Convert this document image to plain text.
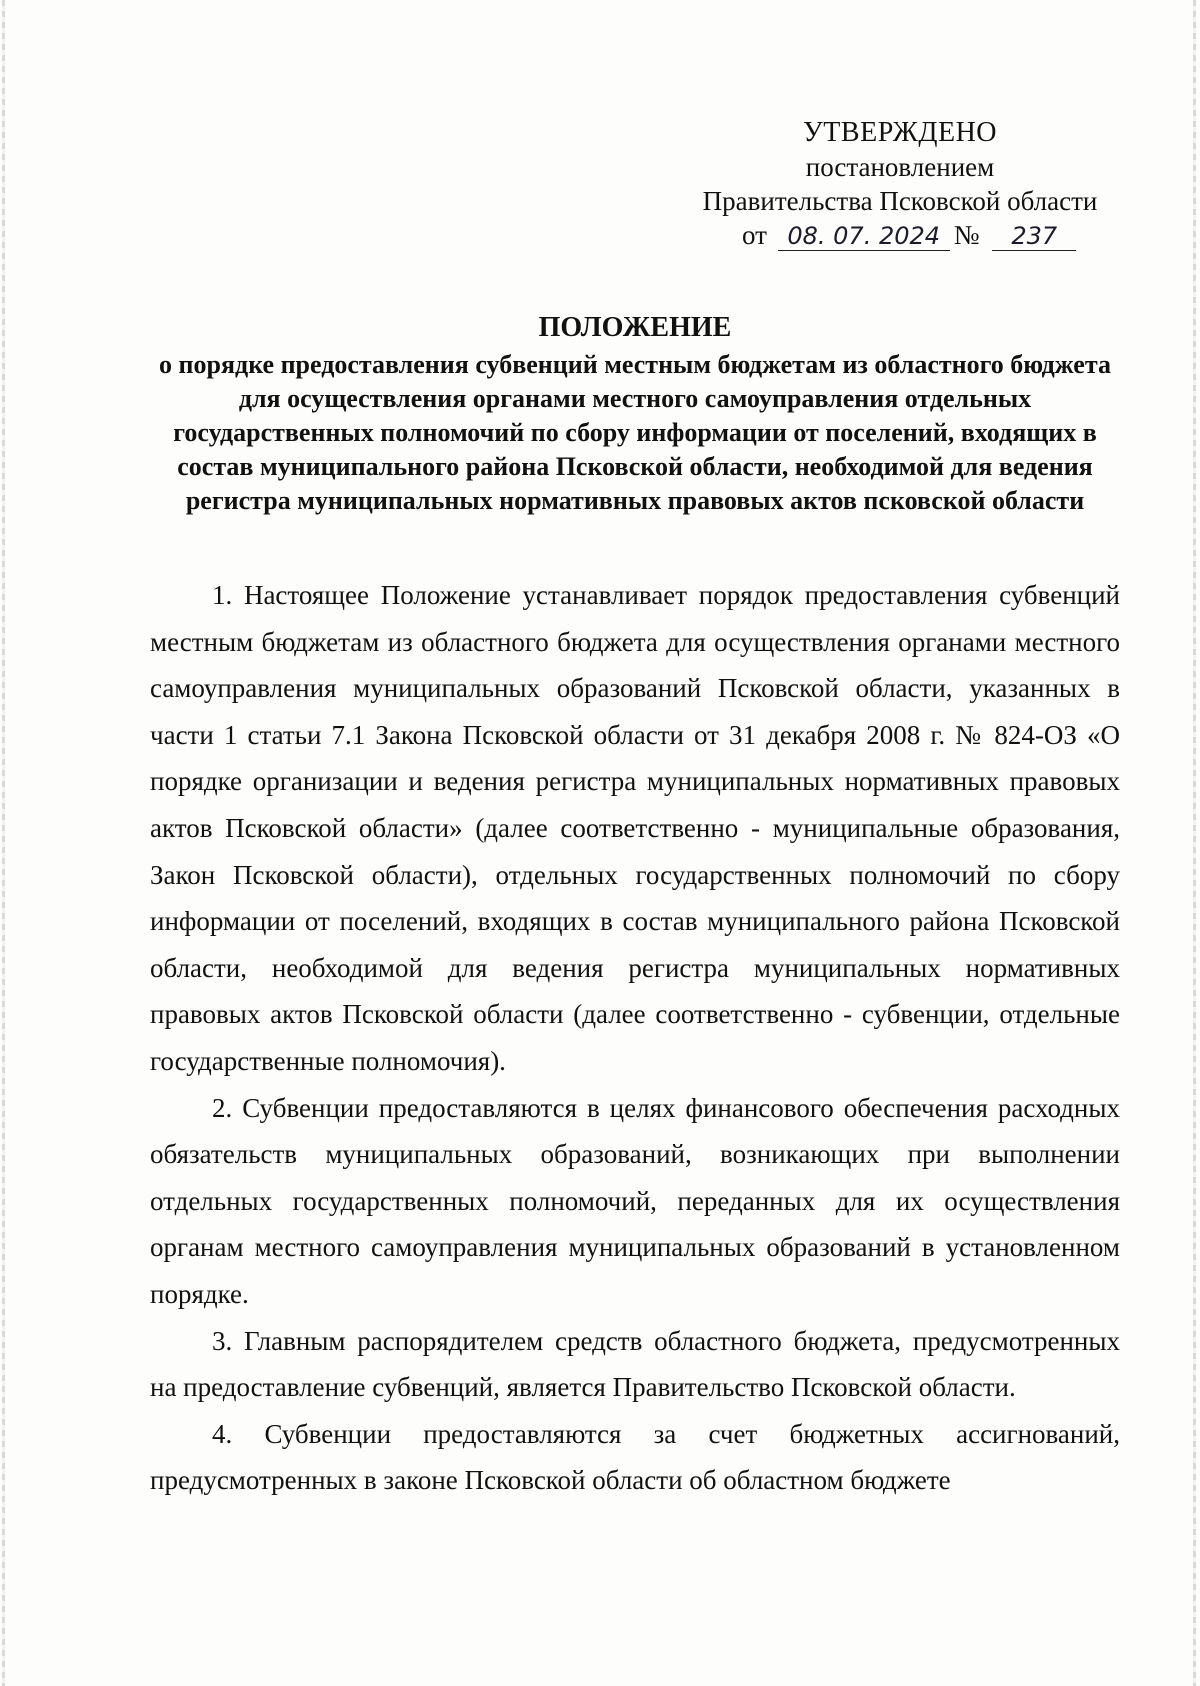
УТВЕРЖДЕНО
постановлением
Правительства Псковской области
от 08. 07. 2024 № 237
ПОЛОЖЕНИЕ

о порядке предоставления субвенций местным бюджетам из областного бюджета для осуществления органами местного самоуправления отдельных государственных полномочий по сбору информации от поселений, входящих в состав муниципального района Псковской области, необходимой для ведения регистра муниципальных нормативных правовых актов псковской области

1. Настоящее Положение устанавливает порядок предоставления субвенций местным бюджетам из областного бюджета для осуществления органами местного самоуправления муниципальных образований Псковской области, указанных в части 1 статьи 7.1 Закона Псковской области от 31 декабря 2008 г. № 824-ОЗ «О порядке организации и ведения регистра муниципальных нормативных правовых актов Псковской области» (далее соответственно - муниципальные образования, Закон Псковской области), отдельных государственных полномочий по сбору информации от поселений, входящих в состав муниципального района Псковской области, необходимой для ведения регистра муниципальных нормативных правовых актов Псковской области (далее соответственно - субвенции, отдельные государственные полномочия).

2. Субвенции предоставляются в целях финансового обеспечения расходных обязательств муниципальных образований, возникающих при выполнении отдельных государственных полномочий, переданных для их осуществления органам местного самоуправления муниципальных образований в установленном порядке.

3. Главным распорядителем средств областного бюджета, предусмотренных на предоставление субвенций, является Правительство Псковской области.

4. Субвенции предоставляются за счет бюджетных ассигнований, предусмотренных в законе Псковской области об областном бюджете
